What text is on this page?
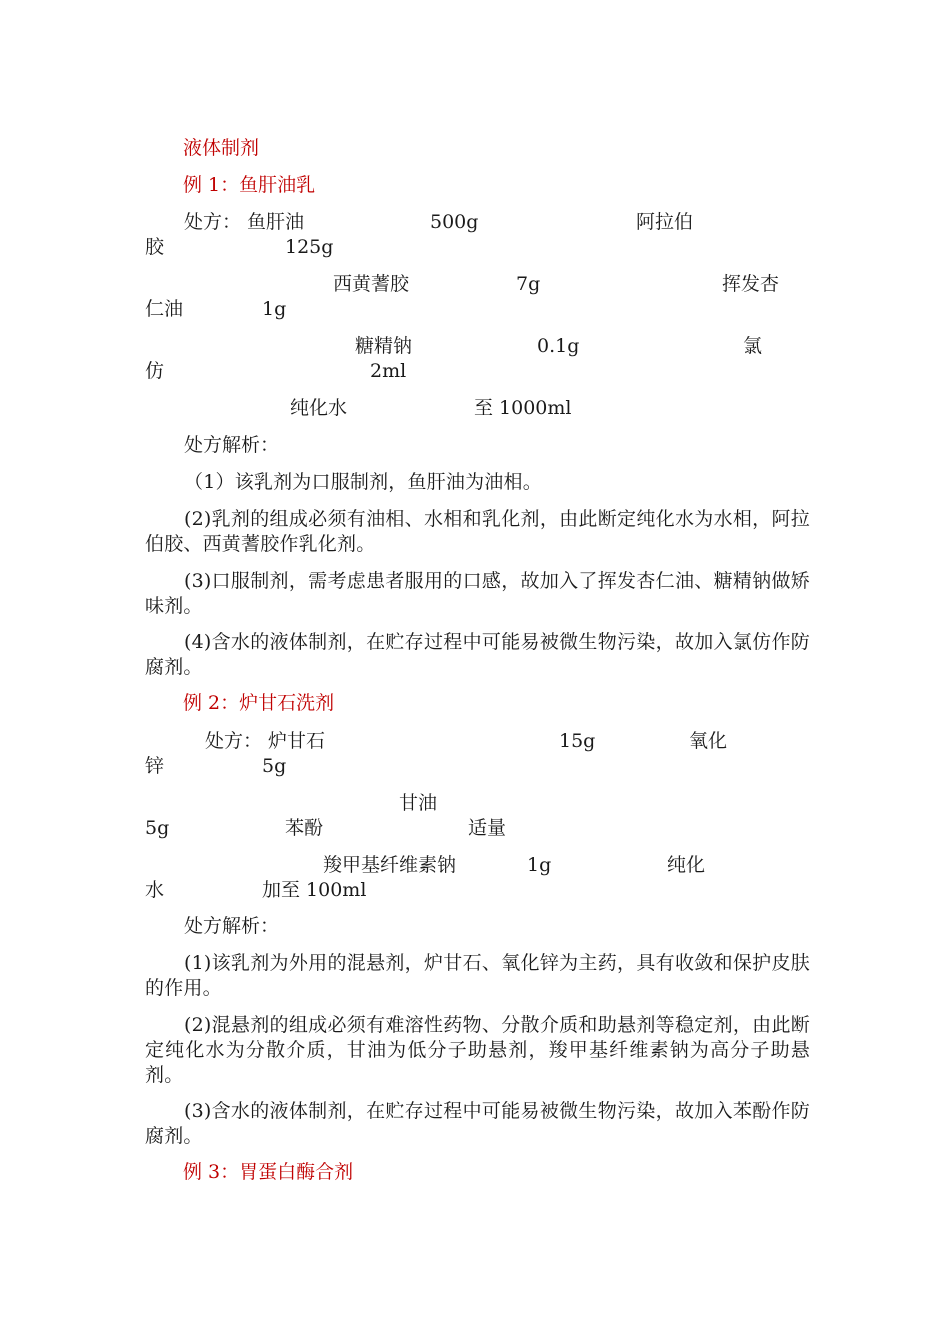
液体制剂
例 1：鱼肝油乳
处方： 鱼肝油	500g	阿拉伯
胶	125g
西黄蓍胶	7g	挥发杏
仁油	1g
糖精钠	0.1g	氯
仿	2ml
纯化水	至 1000ml
处方解析：
（1）该乳剂为口服制剂，鱼肝油为油相。
(2)乳剂的组成必须有油相、水相和乳化剂，由此断定纯化水为水相，阿拉伯胶、西黄蓍胶作乳化剂。
(3)口服制剂，需考虑患者服用的口感，故加入了挥发杏仁油、糖精钠做矫味剂。
(4)含水的液体制剂，在贮存过程中可能易被微生物污染，故加入氯仿作防腐剂。
例 2：炉甘石洗剂
处方： 炉甘石	15g	氧化
锌	5g
甘油
5g	苯酚	适量
羧甲基纤维素钠	1g	纯化
水	加至 100ml
处方解析：
(1)该乳剂为外用的混悬剂，炉甘石、氧化锌为主药，具有收敛和保护皮肤的作用。
(2)混悬剂的组成必须有难溶性药物、分散介质和助悬剂等稳定剂，由此断定纯化水为分散介质，甘油为低分子助悬剂，羧甲基纤维素钠为高分子助悬剂。
(3)含水的液体制剂，在贮存过程中可能易被微生物污染，故加入苯酚作防腐剂。
例 3：胃蛋白酶合剂
